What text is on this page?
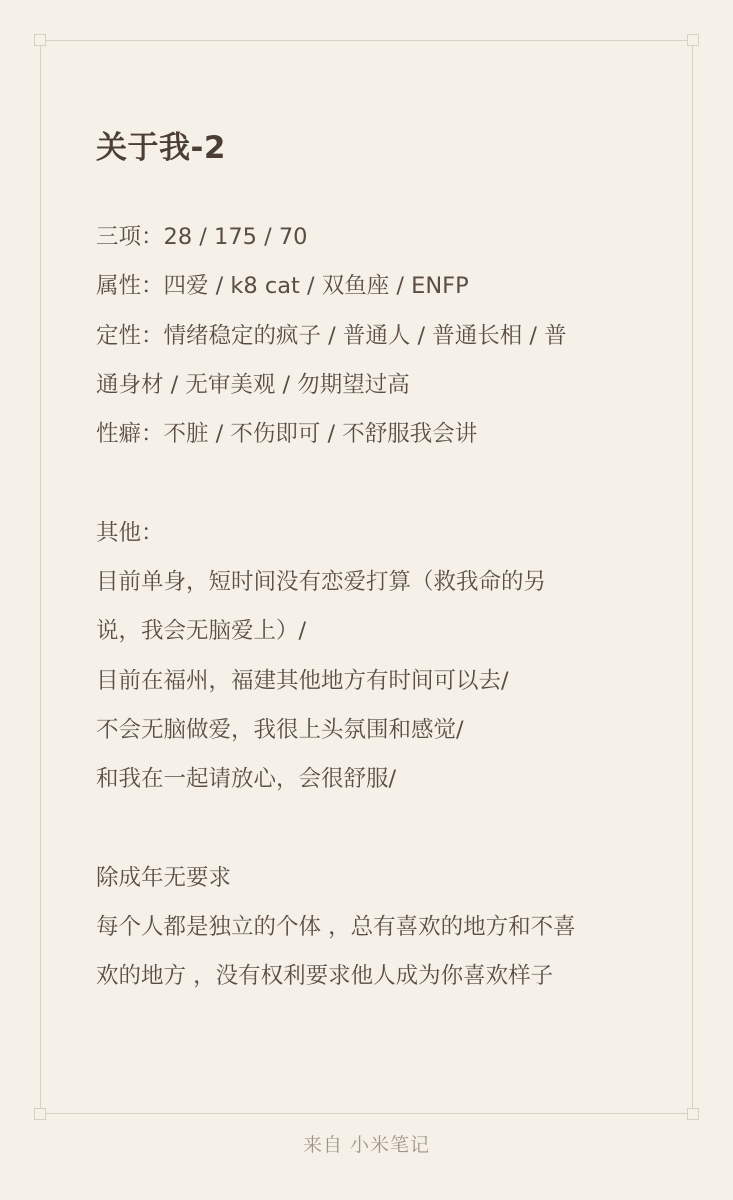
关于我-2
三项：28 / 175 / 70
属性：四爱 / k8 cat / 双鱼座 / ENFP
定性：情绪稳定的疯子 / 普通人 / 普通长相 / 普
通身材 / 无审美观 / 勿期望过高
性癖：不脏 / 不伤即可 / 不舒服我会讲
其他：
目前单身，短时间没有恋爱打算（救我命的另
说，我会无脑爱上）/
目前在福州，福建其他地方有时间可以去/
不会无脑做爱，我很上头氛围和感觉/
和我在一起请放心，会很舒服/
除成年无要求
每个人都是独立的个体 ，总有喜欢的地方和不喜
欢的地方 ，没有权利要求他人成为你喜欢样子
来自 小米笔记
